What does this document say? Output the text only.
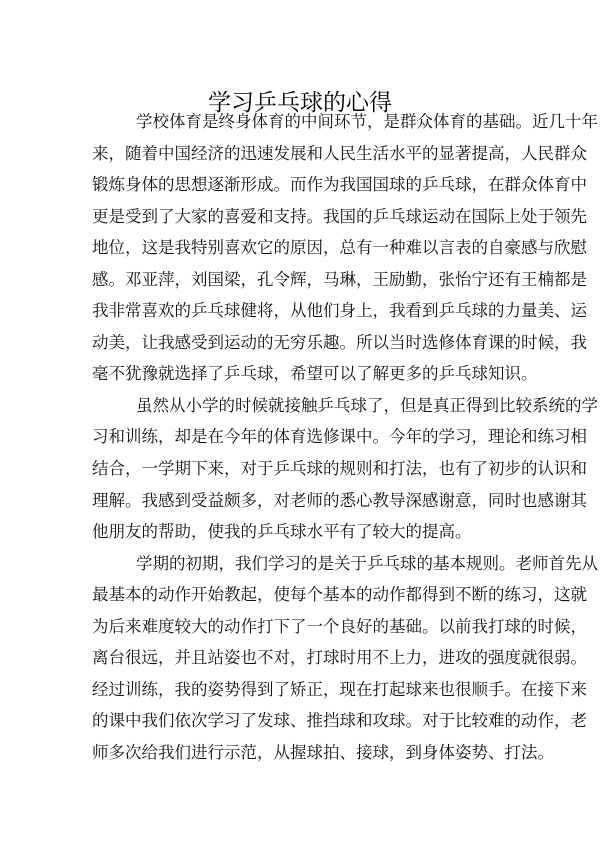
学习乒乓球的心得
学校体育是终身体育的中间环节，是群众体育的基础。近几十年
来，随着中国经济的迅速发展和人民生活水平的显著提高，人民群众
锻炼身体的思想逐渐形成。而作为我国国球的乒乓球，在群众体育中
更是受到了大家的喜爱和支持。我国的乒乓球运动在国际上处于领先
地位，这是我特别喜欢它的原因，总有一种难以言表的自豪感与欣慰
感。邓亚萍，刘国梁，孔令辉，马琳，王励勤，张怡宁还有王楠都是
我非常喜欢的乒乓球健将，从他们身上，我看到乒乓球的力量美、运
动美，让我感受到运动的无穷乐趣。所以当时选修体育课的时候，我
毫不犹豫就选择了乒乓球，希望可以了解更多的乒乓球知识。
虽然从小学的时候就接触乒乓球了，但是真正得到比较系统的学
习和训练，却是在今年的体育选修课中。今年的学习，理论和练习相
结合，一学期下来，对于乒乓球的规则和打法，也有了初步的认识和
理解。我感到受益颇多，对老师的悉心教导深感谢意，同时也感谢其
他朋友的帮助，使我的乒乓球水平有了较大的提高。
学期的初期，我们学习的是关于乒乓球的基本规则。老师首先从
最基本的动作开始教起，使每个基本的动作都得到不断的练习，这就
为后来难度较大的动作打下了一个良好的基础。以前我打球的时候，
离台很远，并且站姿也不对，打球时用不上力，进攻的强度就很弱。
经过训练，我的姿势得到了矫正，现在打起球来也很顺手。在接下来
的课中我们依次学习了发球、推挡球和攻球。对于比较难的动作，老
师多次给我们进行示范，从握球拍、接球，到身体姿势、打法。
